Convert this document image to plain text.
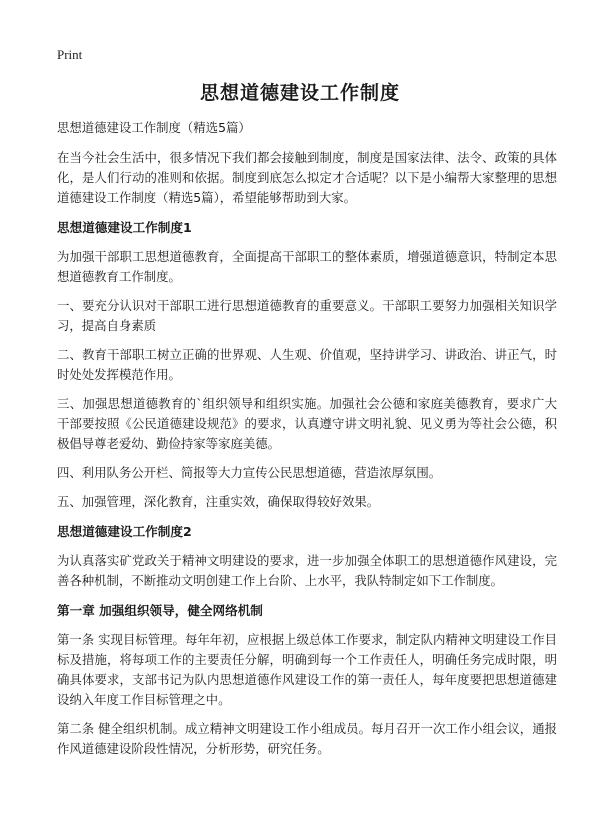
Print
思想道德建设工作制度

思想道德建设工作制度（精选5篇）

在当今社会生活中，很多情况下我们都会接触到制度，制度是国家法律、法令、政策的具体化，是人们行动的准则和依据。制度到底怎么拟定才合适呢？以下是小编帮大家整理的思想道德建设工作制度（精选5篇），希望能够帮助到大家。

思想道德建设工作制度1

为加强干部职工思想道德教育，全面提高干部职工的整体素质，增强道德意识，特制定本思想道德教育工作制度。

一、要充分认识对干部职工进行思想道德教育的重要意义。干部职工要努力加强相关知识学习，提高自身素质

二、教育干部职工树立正确的世界观、人生观、价值观，坚持讲学习、讲政治、讲正气，时时处处发挥模范作用。

三、加强思想道德教育的`组织领导和组织实施。加强社会公德和家庭美德教育，要求广大干部要按照《公民道德建设规范》的要求，认真遵守讲文明礼貌、见义勇为等社会公德，积极倡导尊老爱幼、勤俭持家等家庭美德。

四、利用队务公开栏、简报等大力宣传公民思想道德，营造浓厚氛围。

五、加强管理，深化教育，注重实效，确保取得较好效果。

思想道德建设工作制度2

为认真落实矿党政关于精神文明建设的要求，进一步加强全体职工的思想道德作风建设，完善各种机制，不断推动文明创建工作上台阶、上水平，我队特制定如下工作制度。

第一章 加强组织领导，健全网络机制

第一条 实现目标管理。每年年初，应根据上级总体工作要求，制定队内精神文明建设工作目标及措施，将每项工作的主要责任分解，明确到每一个工作责任人，明确任务完成时限，明确具体要求，支部书记为队内思想道德作风建设工作的第一责任人，每年度要把思想道德建设纳入年度工作目标管理之中。

第二条 健全组织机制。成立精神文明建设工作小组成员。每月召开一次工作小组会议，通报作风道德建设阶段性情况，分析形势，研究任务。
